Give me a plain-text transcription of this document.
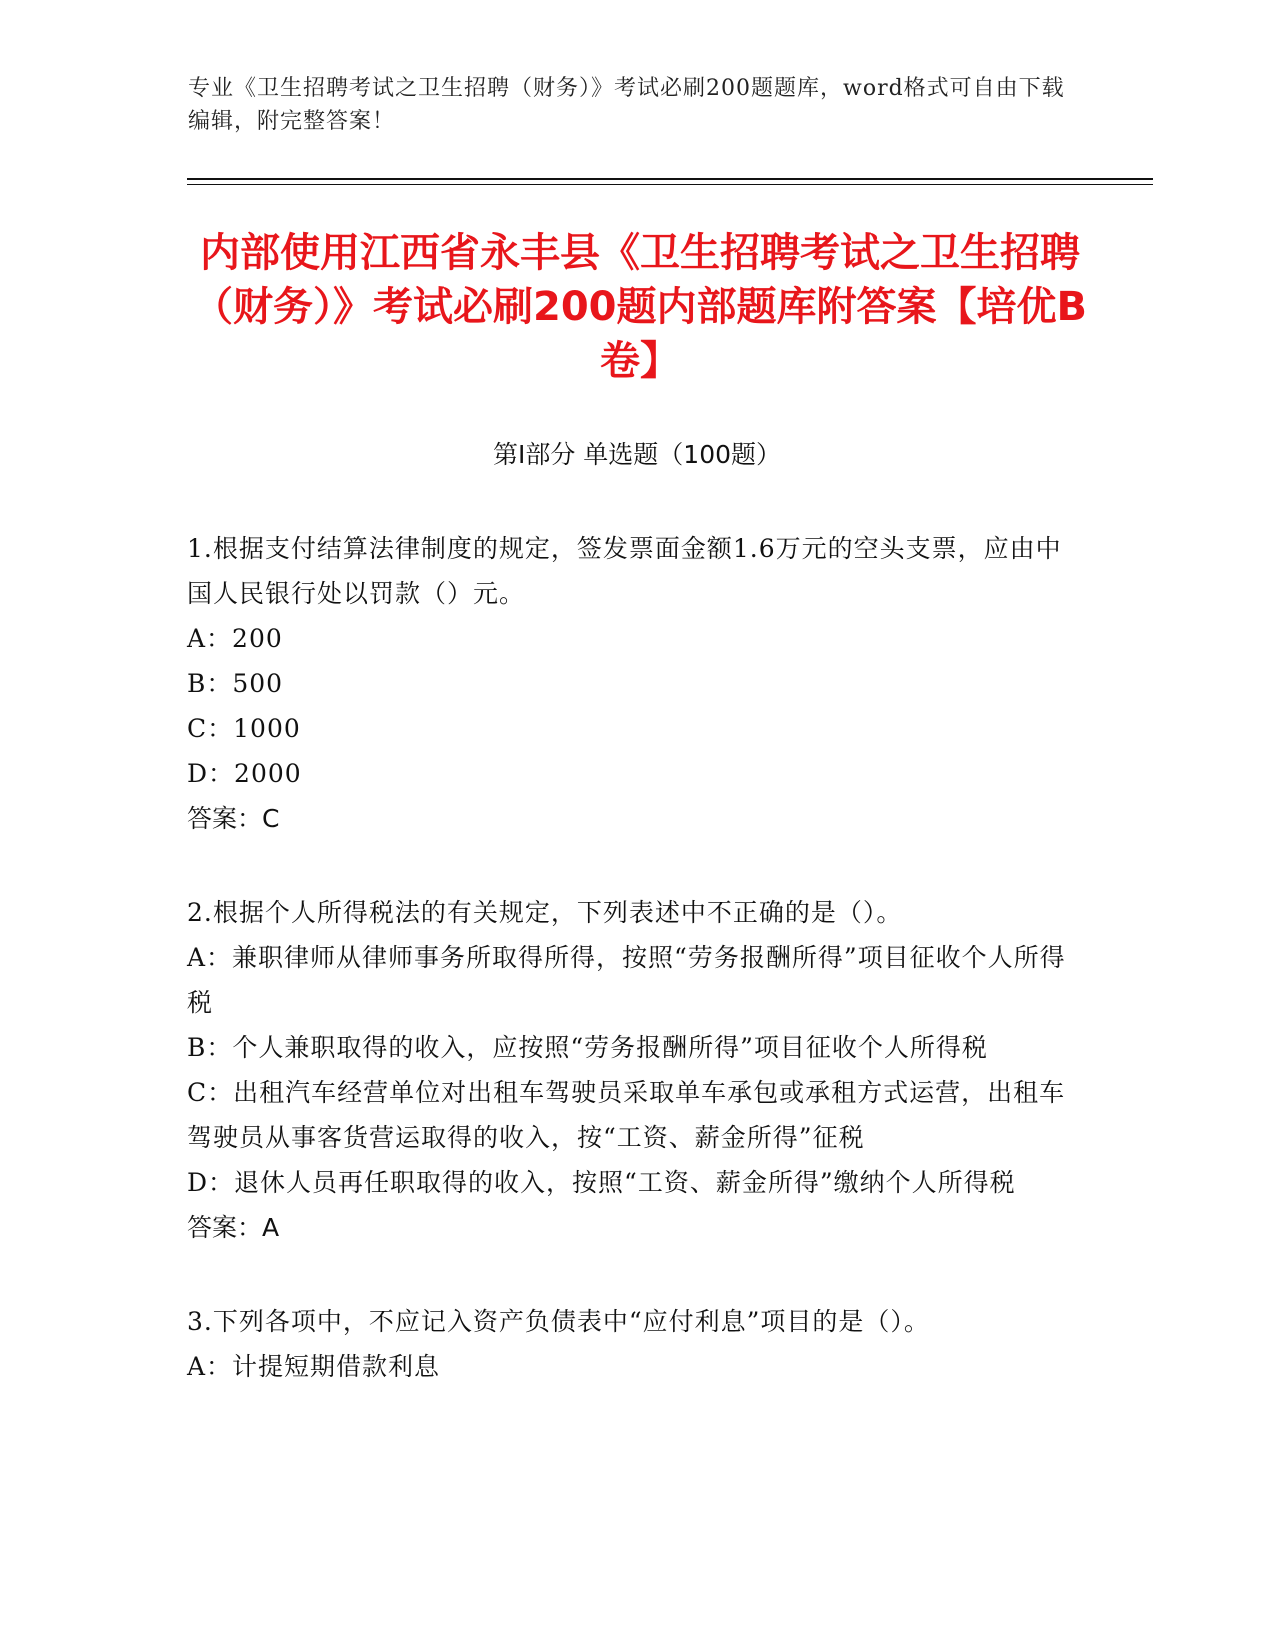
专业《卫生招聘考试之卫生招聘（财务）》考试必刷200题题库，word格式可自由下载编辑，附完整答案！
内部使用江西省永丰县《卫生招聘考试之卫生招聘（财务）》考试必刷200题内部题库附答案【培优B卷】
第I部分 单选题（100题）

1.根据支付结算法律制度的规定，签发票面金额1.6万元的空头支票，应由中国人民银行处以罚款（）元。

A：200

B：500

C：1000

D：2000

答案：C

2.根据个人所得税法的有关规定，下列表述中不正确的是（）。

A：兼职律师从律师事务所取得所得，按照“劳务报酬所得”项目征收个人所得税

B：个人兼职取得的收入，应按照“劳务报酬所得”项目征收个人所得税

C：出租汽车经营单位对出租车驾驶员采取单车承包或承租方式运营，出租车驾驶员从事客货营运取得的收入，按“工资、薪金所得”征税

D：退休人员再任职取得的收入，按照“工资、薪金所得”缴纳个人所得税

答案：A

3.下列各项中，不应记入资产负债表中“应付利息”项目的是（）。

A：计提短期借款利息
